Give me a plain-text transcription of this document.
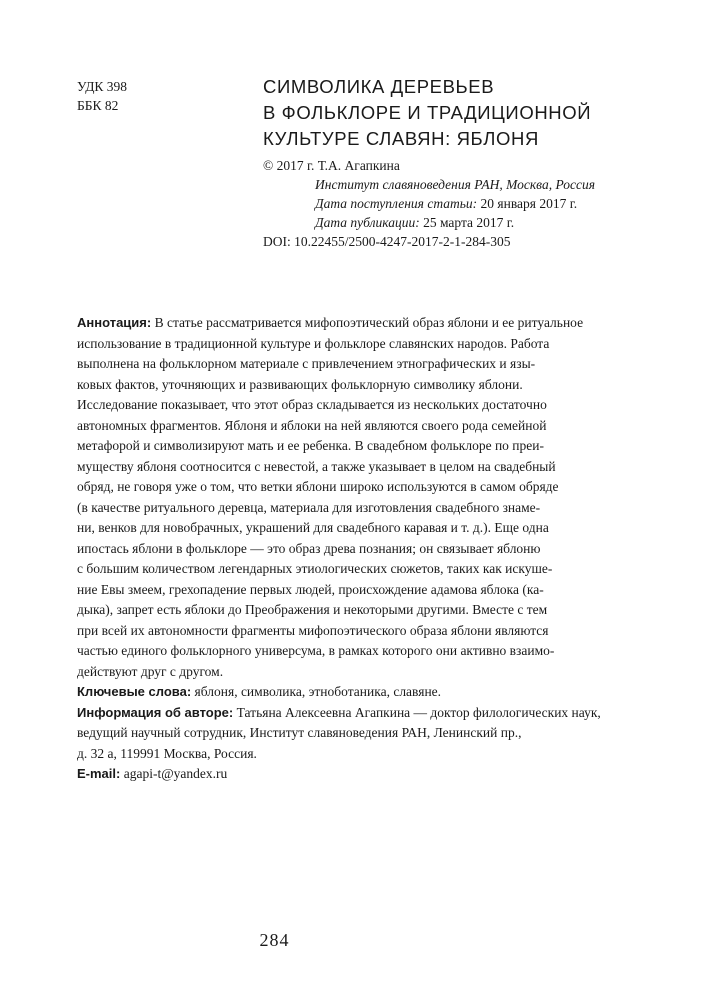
УДК 398
ББК 82
СИМВОЛИКА ДЕРЕВЬЕВ
В ФОЛЬКЛОРЕ И ТРАДИЦИОННОЙ
КУЛЬТУРЕ СЛАВЯН: ЯБЛОНЯ
© 2017 г. Т.А. Агапкина
Институт славяноведения РАН, Москва, Россия
Дата поступления статьи: 20 января 2017 г.
Дата публикации: 25 марта 2017 г.
DOI: 10.22455/2500-4247-2017-2-1-284-305

Аннотация: В статье рассматривается мифопоэтический образ яблони и ее ритуальное
использование в традиционной культуре и фольклоре славянских народов. Работа
выполнена на фольклорном материале с привлечением этнографических и язы-
ковых фактов, уточняющих и развивающих фольклорную символику яблони.
Исследование показывает, что этот образ складывается из нескольких достаточно
автономных фрагментов. Яблоня и яблоки на ней являются своего рода семейной
метафорой и символизируют мать и ее ребенка. В свадебном фольклоре по преи-
муществу яблоня соотносится с невестой, а также указывает в целом на свадебный
обряд, не говоря уже о том, что ветки яблони широко используются в самом обряде
(в качестве ритуального деревца, материала для изготовления свадебного знаме-
ни, венков для новобрачных, украшений для свадебного каравая и т. д.). Еще одна
ипостась яблони в фольклоре — это образ древа познания; он связывает яблоню
с большим количеством легендарных этиологических сюжетов, таких как искуше-
ние Евы змеем, грехопадение первых людей, происхождение адамова яблока (ка-
дыка), запрет есть яблоки до Преображения и некоторыми другими. Вместе с тем
при всей их автономности фрагменты мифопоэтического образа яблони являются
частью единого фольклорного универсума, в рамках которого они активно взаимо-
действуют друг с другом.

Ключевые слова: яблоня, символика, этноботаника, славяне.

Информация об авторе: Татьяна Алексеевна Агапкина — доктор филологических наук,
ведущий научный сотрудник, Институт славяноведения РАН, Ленинский пр.,
д. 32 а, 119991 Москва, Россия.

E-mail: agapi-t@yandex.ru

284
